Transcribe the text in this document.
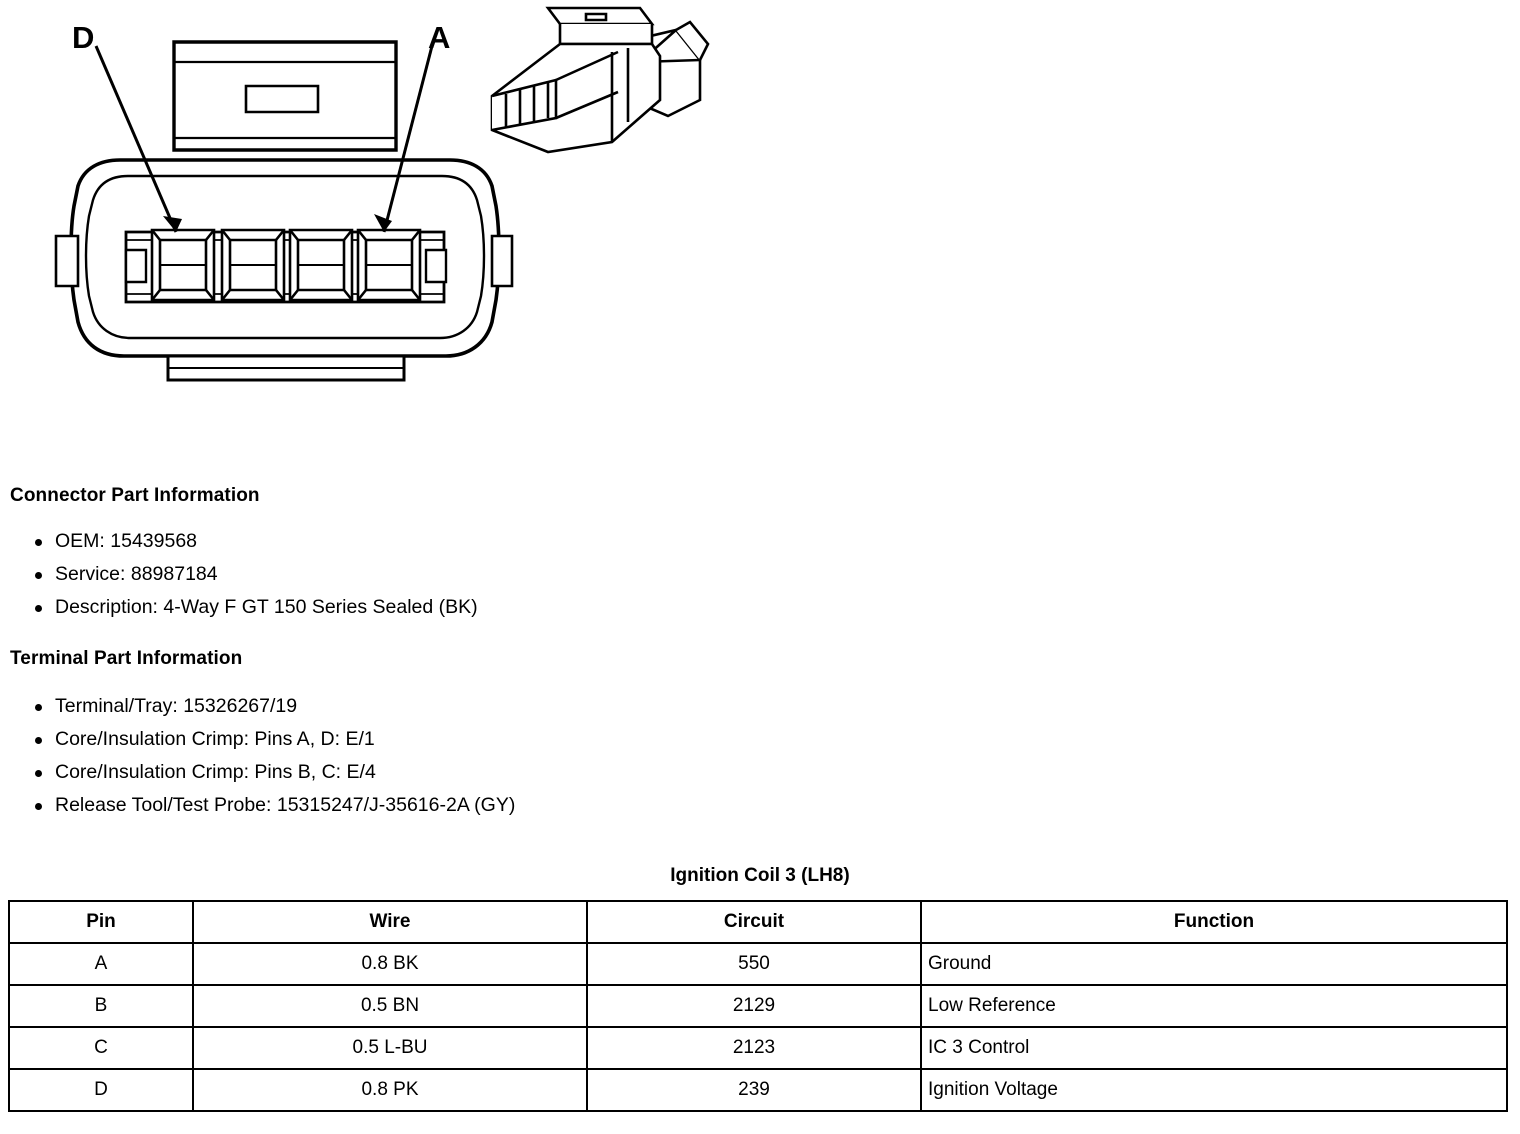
D	A
Connector Part Information
OEM: 15439568
Service: 88987184
Description: 4-Way F GT 150 Series Sealed (BK)
Terminal Part Information
Terminal/Tray: 15326267/19
Core/Insulation Crimp: Pins A, D: E/1
Core/Insulation Crimp: Pins B, C: E/4
Release Tool/Test Probe: 15315247/J-35616-2A (GY)
Ignition Coil 3 (LH8)
Pin	Wire	Circuit	Function
A	0.8 BK	550	Ground
B	0.5 BN	2129	Low Reference
C	0.5 L-BU	2123	IC 3 Control
D	0.8 PK	239	Ignition Voltage
